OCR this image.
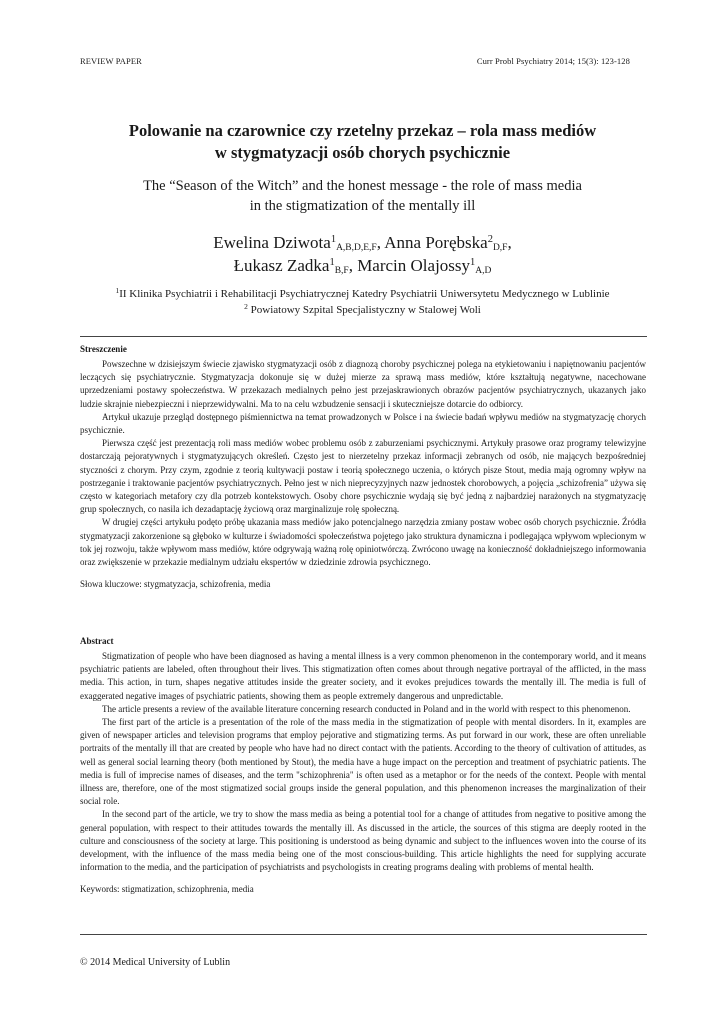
REVIEW PAPER	Curr Probl Psychiatry 2014; 15(3): 123-128
Polowanie na czarownice czy rzetelny przekaz – rola mass mediów
w stygmatyzacji osób chorych psychicznie
The “Season of the Witch” and the honest message - the role of mass media
in the stigmatization of the mentally ill
Ewelina Dziwota$^1_{A,B,D,E,F}$, Anna Porębska$^2_{D,F}$,
Łukasz Zadka$^1_{B,F}$, Marcin Olajossy$^1_{A,D}$
$^1$II Klinika Psychiatrii i Rehabilitacji Psychiatrycznej Katedry Psychiatrii Uniwersytetu Medycznego w Lublinie
$^2$ Powiatowy Szpital Specjalistyczny w Stalowej Woli
Streszczenie

Powszechne w dzisiejszym świecie zjawisko stygmatyzacji osób z diagnozą choroby psychicznej polega na etykietowaniu i napiętnowaniu pacjentów leczących się psychiatrycznie. Stygmatyzacja dokonuje się w dużej mierze za sprawą mass mediów, które kształtują negatywne, nacechowane uprzedzeniami postawy społeczeństwa. W przekazach medialnych pełno jest przejaskrawionych obrazów pacjentów psychiatrycznych, ukazanych jako ludzie skrajnie niebezpieczni i nieprzewidywalni. Ma to na celu wzbudzenie sensacji i skuteczniejsze dotarcie do odbiorcy.

Artykuł ukazuje przegląd dostępnego piśmiennictwa na temat prowadzonych w Polsce i na świecie badań wpływu mediów na stygmatyzację chorych psychicznie.

Pierwsza część jest prezentacją roli mass mediów wobec problemu osób z zaburzeniami psychicznymi. Artykuły prasowe oraz programy telewizyjne dostarczają pejoratywnych i stygmatyzujących określeń. Często jest to nierzetelny przekaz informacji zebranych od osób, nie mających bezpośredniej styczności z chorym. Przy czym, zgodnie z teorią kultywacji postaw i teorią społecznego uczenia, o których pisze Stout, media mają ogromny wpływ na postrzeganie i traktowanie pacjentów psychiatrycznych. Pełno jest w nich nieprecyzyjnych nazw jednostek chorobowych, a pojęcia „schizofrenia” używa się często w kategoriach metafory czy dla potrzeb kontekstowych. Osoby chore psychicznie wydają się być jedną z najbardziej narażonych na stygmatyzację grup społecznych, co nasila ich dezadaptację życiową oraz marginalizuje rolę społeczną.

W drugiej części artykułu podęto próbę ukazania mass mediów jako potencjalnego narzędzia zmiany postaw wobec osób chorych psychicznie. Źródła stygmatyzacji zakorzenione są głęboko w kulturze i świadomości społeczeństwa pojętego jako struktura dynamiczna i podlegająca wpływom wplecionym w tok jej rozwoju, także wpływom mass mediów, które odgrywają ważną rolę opiniotwórczą. Zwrócono uwagę na konieczność dokładniejszego informowania oraz zwiększenie w przekazie medialnym udziału ekspertów w dziedzinie zdrowia psychicznego.

Słowa kluczowe: stygmatyzacja, schizofrenia, media

Abstract

Stigmatization of people who have been diagnosed as having a mental illness is a very common phenomenon in the contemporary world, and it means psychiatric patients are labeled, often throughout their lives. This stigmatization often comes about through negative portrayal of the afflicted, in the mass media. This action, in turn, shapes negative attitudes inside the greater society, and it evokes prejudices towards the mentally ill. The media is full of exaggerated negative images of psychiatric patients, showing them as people extremely dangerous and unpredictable.

The article presents a review of the available literature concerning research conducted in Poland and in the world with respect to this phenomenon.

The first part of the article is a presentation of the role of the mass media in the stigmatization of people with mental disorders. In it, examples are given of newspaper articles and television programs that employ pejorative and stigmatizing terms. As put forward in our work, these are often unreliable portraits of the mentally ill that are created by people who have had no direct contact with the patients. According to the theory of cultivation of attitudes, as well as general social learning theory (both mentioned by Stout), the media have a huge impact on the perception and treatment of psychiatric patients. The media is full of imprecise names of diseases, and the term "schizophrenia" is often used as a metaphor or for the needs of the context. People with mental illness are, therefore, one of the most stigmatized social groups inside the general population, and this phenomenon increases the marginalization of their social role.

In the second part of the article, we try to show the mass media as being a potential tool for a change of attitudes from negative to positive among the general population, with respect to their attitudes towards the mentally ill. As discussed in the article, the sources of this stigma are deeply rooted in the culture and consciousness of the society at large. This positioning is understood as being dynamic and subject to the influences woven into the course of its development, with the influence of the mass media being one of the most conscious-building. This article highlights the need for supplying accurate information to the media, and the participation of psychiatrists and psychologists in creating programs dealing with problems of mental health.

Keywords: stigmatization, schizophrenia, media

© 2014 Medical University of Lublin
